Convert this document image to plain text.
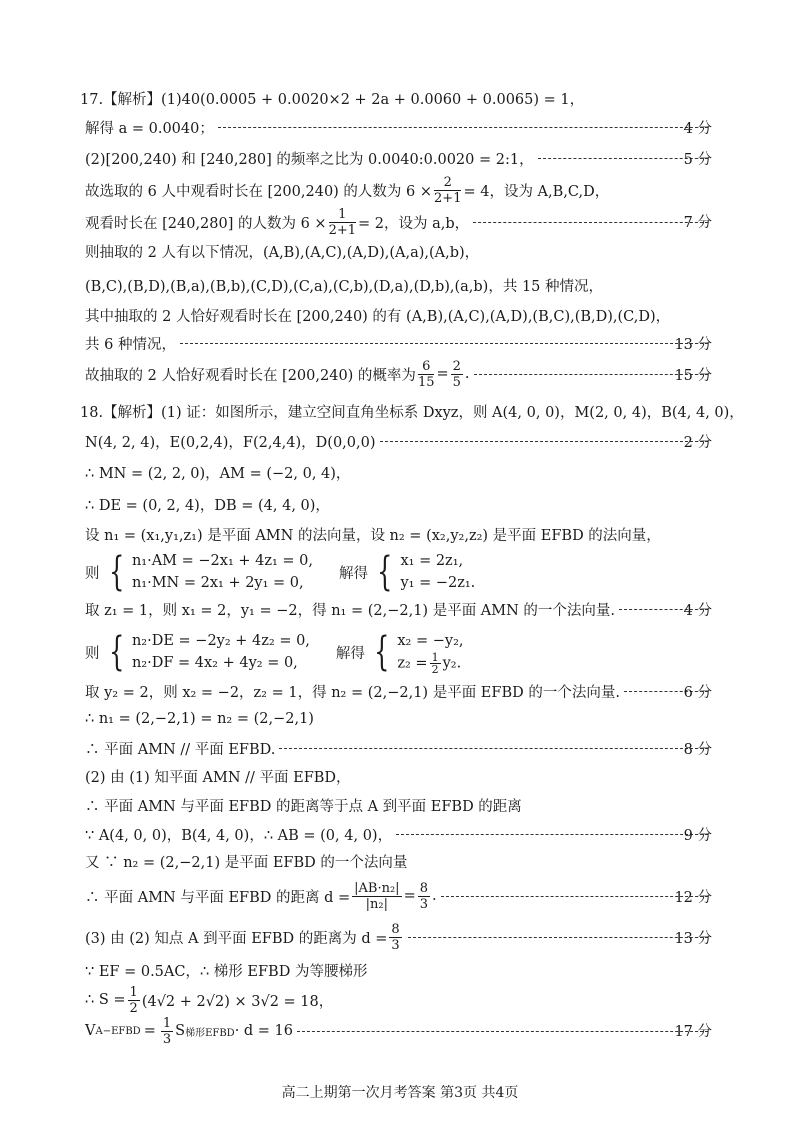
17.【解析】(1)40(0.0005 + 0.0020×2 + 2a + 0.0060 + 0.0065) = 1，
解得 a = 0.0040；	4 分
(2)[200,240) 和 [240,280] 的频率之比为 0.0040:0.0020 = 2:1，	5 分
故选取的 6 人中观看时长在 [200,240) 的人数为 $6 \times \frac{2}{2+1} = 4$，设为 A,B,C,D，
观看时长在 [240,280] 的人数为 $6 \times \frac{1}{2+1} = 2$，设为 a,b，	7 分
则抽取的 2 人有以下情况，(A,B),(A,C),(A,D),(A,a),(A,b)，
(B,C),(B,D),(B,a),(B,b),(C,D),(C,a),(C,b),(D,a),(D,b),(a,b)，共 15 种情况，
其中抽取的 2 人恰好观看时长在 [200,240) 的有 (A,B),(A,C),(A,D),(B,C),(B,D),(C,D)，
共 6 种情况，	13 分
故抽取的 2 人恰好观看时长在 [200,240) 的概率为 $\frac{6}{15} = \frac{2}{5}$ .	15 分
18.【解析】(1) 证：如图所示，建立空间直角坐标系 Dxyz，则 A(4, 0, 0)，M(2, 0, 4)，B(4, 4, 0)，
N(4, 2, 4)，E(0,2,4)，F(2,4,4)，D(0,0,0)	2 分
∴ MN = (2, 2, 0)，AM = (−2, 0, 4)，
∴ DE = (0, 2, 4)，DB = (4, 4, 0)，
设 n₁ = (x₁,y₁,z₁) 是平面 AMN 的法向量，设 n₂ = (x₂,y₂,z₂) 是平面 EFBD 的法向量，
则 { n₁·AM = −2x₁ + 4z₁ = 0,
n₁·MN = 2x₁ + 2y₁ = 0,
解得 { x₁ = 2z₁,
y₁ = −2z₁.
取 z₁ = 1，则 x₁ = 2，y₁ = −2，得 n₁ = (2,−2,1) 是平面 AMN 的一个法向量.	4 分
则 { n₂·DE = −2y₂ + 4z₂ = 0,
n₂·DF = 4x₂ + 4y₂ = 0,
解得 { x₂ = −y₂,
$z_2 = \frac{1}{2} y_2$.
取 y₂ = 2，则 x₂ = −2，z₂ = 1，得 n₂ = (2,−2,1) 是平面 EFBD 的一个法向量.	6 分
∴ n₁ = (2,−2,1) = n₂ = (2,−2,1)
∴ 平面 AMN // 平面 EFBD.	8 分
(2) 由 (1) 知平面 AMN // 平面 EFBD，
∴ 平面 AMN 与平面 EFBD 的距离等于点 A 到平面 EFBD 的距离
∵ A(4, 0, 0)，B(4, 4, 0)，∴ AB = (0, 4, 0)，	9 分
又 ∵ n₂ = (2,−2,1) 是平面 EFBD 的一个法向量
∴ 平面 AMN 与平面 EFBD 的距离 $d = \frac{\text{|AB·n₂|}}{\text{|n₂|}} = \frac{8}{3}$ .	12 分
(3) 由 (2) 知点 A 到平面 EFBD 的距离为 $d = \frac{8}{3}$	13 分
∵ EF = 0.5AC，∴ 梯形 EFBD 为等腰梯形
∴ $S = \frac{1}{2} (4√2 + 2√2) \times 3√2 = 18$，
V A−EFBD = $\frac{1}{3}$ S 梯形EFBD · d = 16	17 分
高二上期第一次月考答案 第3页 共4页
